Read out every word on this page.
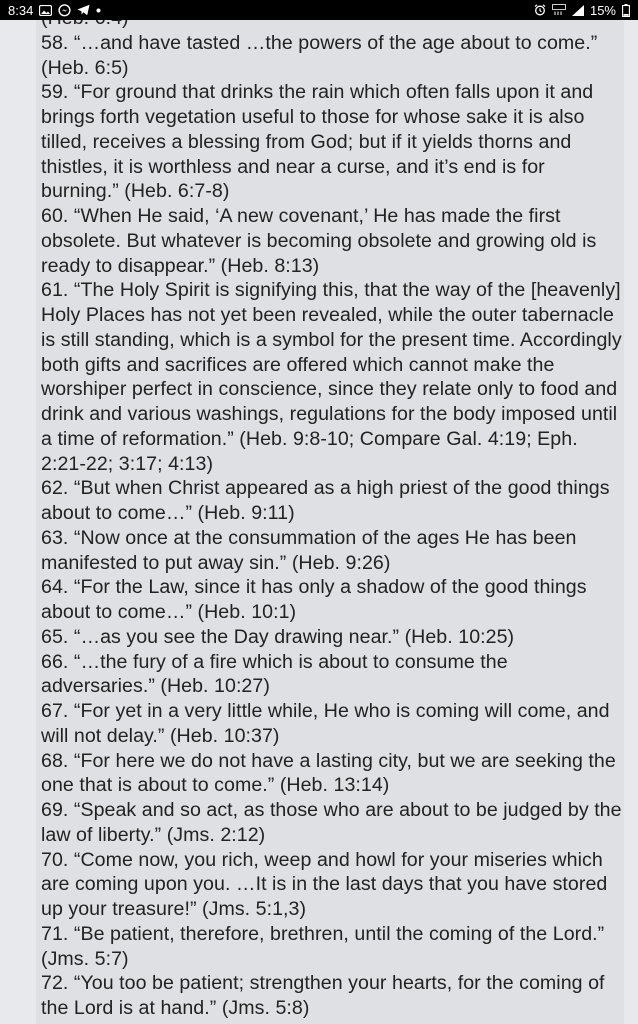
58. “…and have tasted …the powers of the age about to come.” (Heb. 6:5)

59. “For ground that drinks the rain which often falls upon it and brings forth vegetation useful to those for whose sake it is also tilled, receives a blessing from God; but if it yields thorns and thistles, it is worthless and near a curse, and it’s end is for burning.” (Heb. 6:7-8)

60. “When He said, ‘A new covenant,’ He has made the first obsolete. But whatever is becoming obsolete and growing old is ready to disappear.” (Heb. 8:13)

61. “The Holy Spirit is signifying this, that the way of the [heavenly] Holy Places has not yet been revealed, while the outer tabernacle is still standing, which is a symbol for the present time. Accordingly both gifts and sacrifices are offered which cannot make the worshiper perfect in conscience, since they relate only to food and drink and various washings, regulations for the body imposed until a time of reformation.” (Heb. 9:8-10; Compare Gal. 4:19; Eph. 2:21-22; 3:17; 4:13)

62. “But when Christ appeared as a high priest of the good things about to come…” (Heb. 9:11)

63. “Now once at the consummation of the ages He has been manifested to put away sin.” (Heb. 9:26)

64. “For the Law, since it has only a shadow of the good things about to come…” (Heb. 10:1)

65. “…as you see the Day drawing near.” (Heb. 10:25)

66. “…the fury of a fire which is about to consume the adversaries.” (Heb. 10:27)

67. “For yet in a very little while, He who is coming will come, and will not delay.” (Heb. 10:37)

68. “For here we do not have a lasting city, but we are seeking the one that is about to come.” (Heb. 13:14)

69. “Speak and so act, as those who are about to be judged by the law of liberty.” (Jms. 2:12)

70. “Come now, you rich, weep and howl for your miseries which are coming upon you. …It is in the last days that you have stored up your treasure!” (Jms. 5:1,3)

71. “Be patient, therefore, brethren, until the coming of the Lord.” (Jms. 5:7)

72. “You too be patient; strengthen your hearts, for the coming of the Lord is at hand.” (Jms. 5:8)

8:34	15%
